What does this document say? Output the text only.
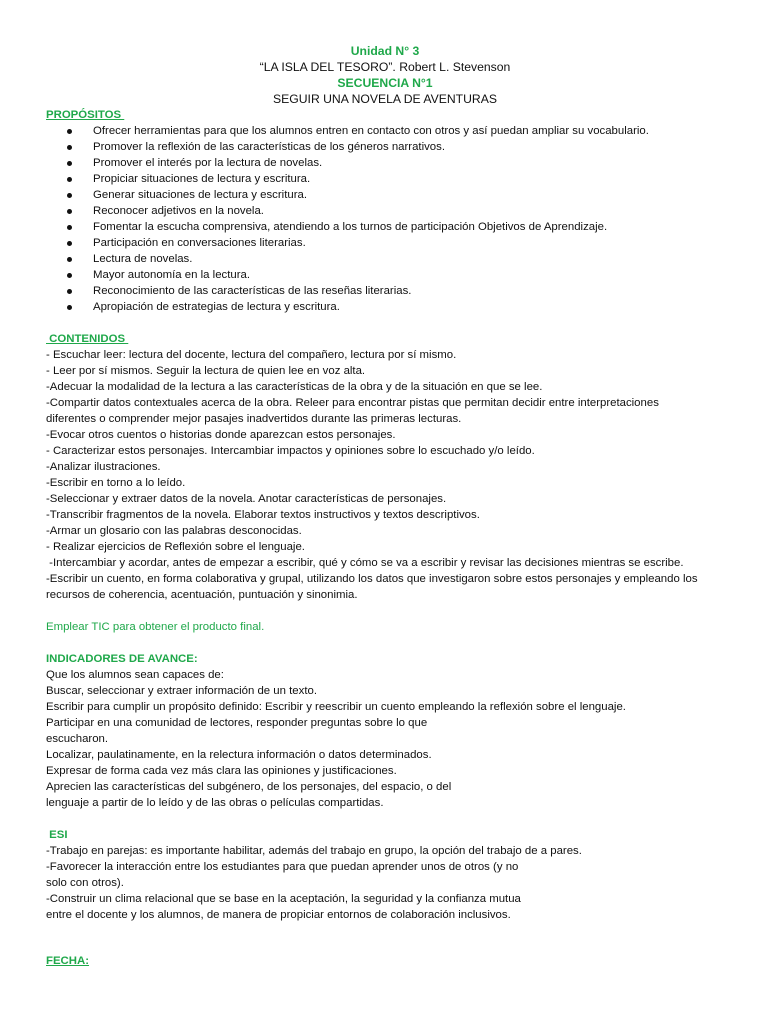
Unidad N° 3
“LA ISLA DEL TESORO”. Robert L. Stevenson
SECUENCIA N°1
SEGUIR UNA NOVELA DE AVENTURAS
PROPÓSITOS
Ofrecer herramientas para que los alumnos entren en contacto con otros y así puedan ampliar su vocabulario.
Promover la reflexión de las características de los géneros narrativos.
Promover el interés por la lectura de novelas.
Propiciar situaciones de lectura y escritura.
Generar situaciones de lectura y escritura.
Reconocer adjetivos en la novela.
Fomentar la escucha comprensiva, atendiendo a los turnos de participación Objetivos de Aprendizaje.
Participación en conversaciones literarias.
Lectura de novelas.
Mayor autonomía en la lectura.
Reconocimiento de las características de las reseñas literarias.
Apropiación de estrategias de lectura y escritura.
CONTENIDOS
- Escuchar leer: lectura del docente, lectura del compañero, lectura por sí mismo.
- Leer por sí mismos. Seguir la lectura de quien lee en voz alta.
-Adecuar la modalidad de la lectura a las características de la obra y de la situación en que se lee.
-Compartir datos contextuales acerca de la obra. Releer para encontrar pistas que permitan decidir entre interpretaciones
diferentes o comprender mejor pasajes inadvertidos durante las primeras lecturas.
-Evocar otros cuentos o historias donde aparezcan estos personajes.
- Caracterizar estos personajes. Intercambiar impactos y opiniones sobre lo escuchado y/o leído.
-Analizar ilustraciones.
-Escribir en torno a lo leído.
-Seleccionar y extraer datos de la novela. Anotar características de personajes.
-Transcribir fragmentos de la novela. Elaborar textos instructivos y textos descriptivos.
-Armar un glosario con las palabras desconocidas.
- Realizar ejercicios de Reflexión sobre el lenguaje.
-Intercambiar y acordar, antes de empezar a escribir, qué y cómo se va a escribir y revisar las decisiones mientras se escribe.
-Escribir un cuento, en forma colaborativa y grupal, utilizando los datos que investigaron sobre estos personajes y empleando los
recursos de coherencia, acentuación, puntuación y sinonimia.
Emplear TIC para obtener el producto final.
INDICADORES DE AVANCE:
Que los alumnos sean capaces de:
Buscar, seleccionar y extraer información de un texto.
Escribir para cumplir un propósito definido: Escribir y reescribir un cuento empleando la reflexión sobre el lenguaje.
Participar en una comunidad de lectores, responder preguntas sobre lo que
escucharon.
Localizar, paulatinamente, en la relectura información o datos determinados.
Expresar de forma cada vez más clara las opiniones y justificaciones.
Aprecien las características del subgénero, de los personajes, del espacio, o del
lenguaje a partir de lo leído y de las obras o películas compartidas.
ESI
-Trabajo en parejas: es importante habilitar, además del trabajo en grupo, la opción del trabajo de a pares.
-Favorecer la interacción entre los estudiantes para que puedan aprender unos de otros (y no
solo con otros).
-Construir un clima relacional que se base en la aceptación, la seguridad y la confianza mutua
entre el docente y los alumnos, de manera de propiciar entornos de colaboración inclusivos.
FECHA:
